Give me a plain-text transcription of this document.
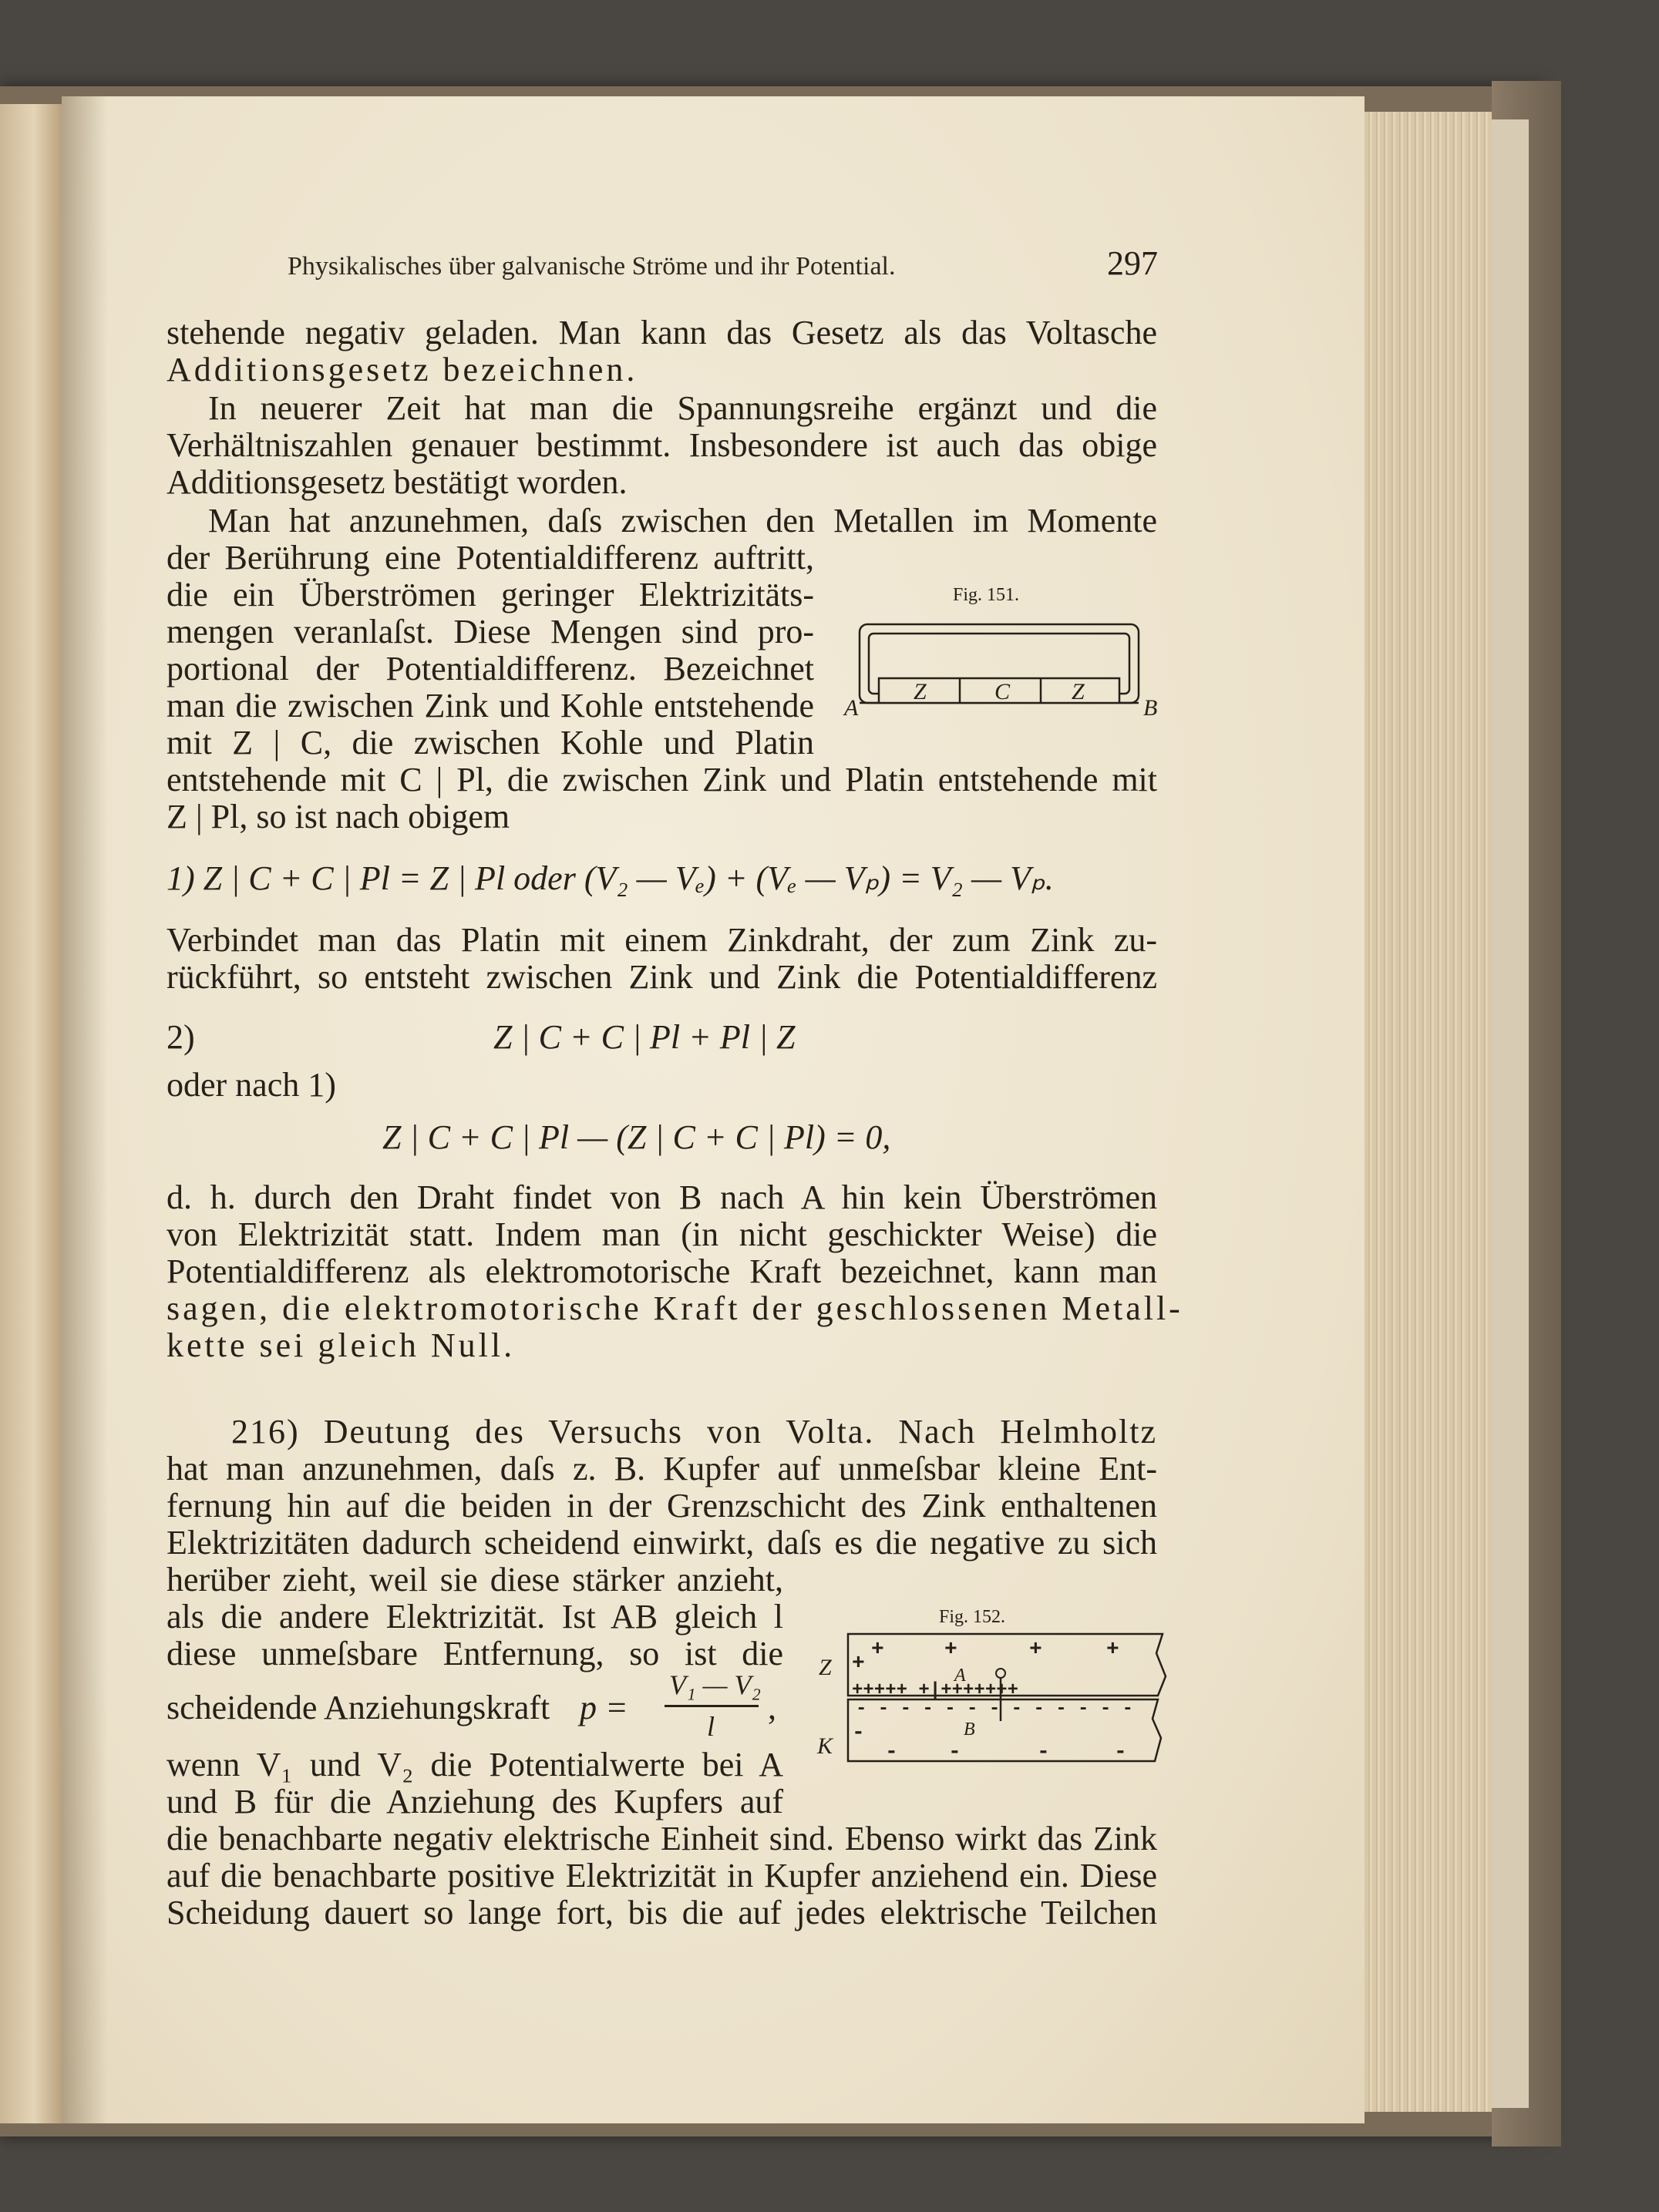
Physikalisches über galvanische Ströme und ihr Potential.	297
stehende negativ geladen. Man kann das Gesetz als das Voltasche
Additionsgesetz bezeichnen.
In neuerer Zeit hat man die Spannungsreihe ergänzt und die
Verhältniszahlen genauer bestimmt. Insbesondere ist auch das obige
Additionsgesetz bestätigt worden.
Man hat anzunehmen, daſs zwischen den Metallen im Momente
der Berührung eine Potentialdifferenz auftritt,
die ein Überströmen geringer Elektrizitäts-
mengen veranlaſst. Diese Mengen sind pro-
portional der Potentialdifferenz. Bezeichnet
man die zwischen Zink und Kohle entstehende
mit Z | C, die zwischen Kohle und Platin
entstehende mit C | Pl, die zwischen Zink und Platin entstehende mit
Z | Pl, so ist nach obigem
Fig. 151.
Z	C	Z
A	B
1) Z | C + C | Pl = Z | Pl oder (V₂ — Vₑ) + (Vₑ — Vₚ) = V₂ — Vₚ.
Verbindet man das Platin mit einem Zinkdraht, der zum Zink zu-
rückführt, so entsteht zwischen Zink und Zink die Potentialdifferenz
2)	Z | C + C | Pl + Pl | Z
oder nach 1)
Z | C + C | Pl — (Z | C + C | Pl) = 0,
d. h. durch den Draht findet von B nach A hin kein Überströmen
von Elektrizität statt. Indem man (in nicht geschickter Weise) die
Potentialdifferenz als elektromotorische Kraft bezeichnet, kann man
sagen, die elektromotorische Kraft der geschlossenen Metall-
kette sei gleich Null.
216) Deutung des Versuchs von Volta. Nach Helmholtz
hat man anzunehmen, daſs z. B. Kupfer auf unmeſsbar kleine Ent-
fernung hin auf die beiden in der Grenzschicht des Zink enthaltenen
Elektrizitäten dadurch scheidend einwirkt, daſs es die negative zu sich
herüber zieht, weil sie diese stärker anzieht,
als die andere Elektrizität. Ist AB gleich l
diese unmeſsbare Entfernung, so ist die
scheidende Anziehungskraft p =
V₁ — V₂
l ,
wenn V₁ und V₂ die Potentialwerte bei A
und B für die Anziehung des Kupfers auf
die benachbarte negativ elektrische Einheit sind. Ebenso wirkt das Zink
auf die benachbarte positive Elektrizität in Kupfer anziehend ein. Diese
Scheidung dauert so lange fort, bis die auf jedes elektrische Teilchen
Fig. 152.
Z
K
+	+	+	+
+	A
+++++ +|+++++++
- - - - - - - - - - - - -
B
-
- -	-	-
